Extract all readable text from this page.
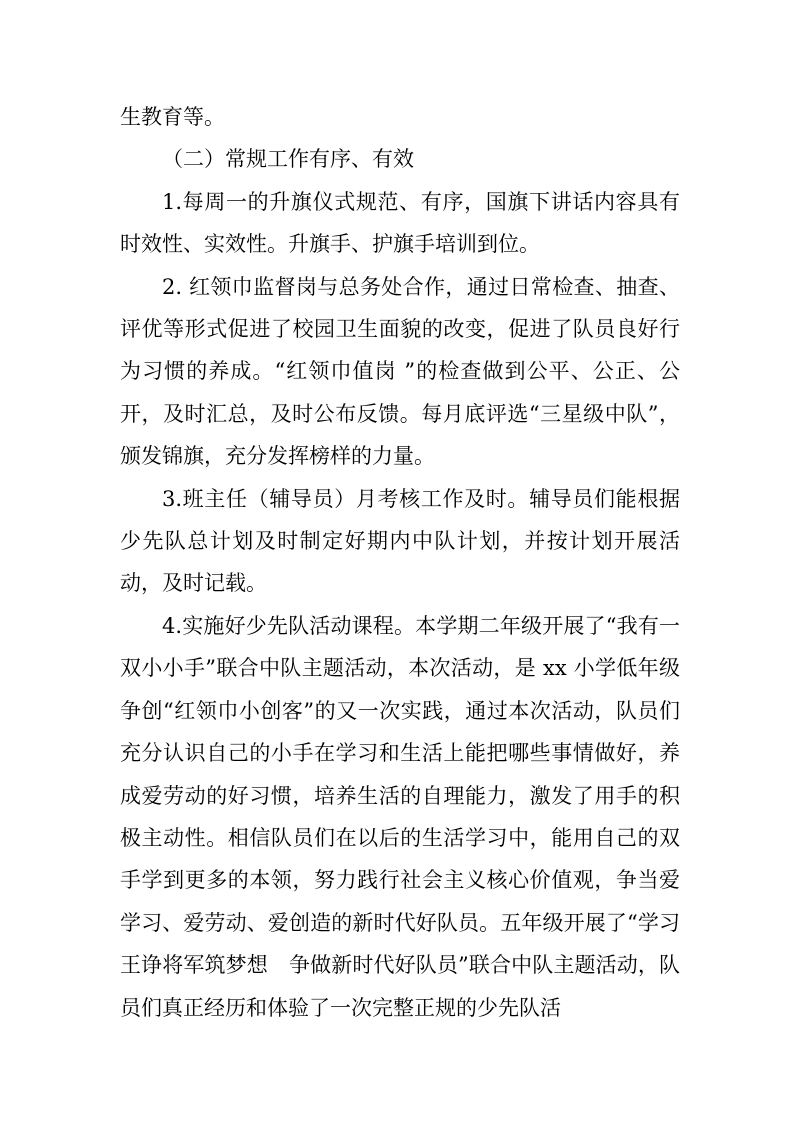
生教育等。

（二）常规工作有序、有效

1.每周一的升旗仪式规范、有序，国旗下讲话内容具有时效性、实效性。升旗手、护旗手培训到位。

2. 红领巾监督岗与总务处合作，通过日常检查、抽查、评优等形式促进了校园卫生面貌的改变，促进了队员良好行为习惯的养成。“红领巾值岗 ”的检查做到公平、公正、公开，及时汇总，及时公布反馈。每月底评选“三星级中队”，颁发锦旗，充分发挥榜样的力量。

3.班主任（辅导员）月考核工作及时。辅导员们能根据少先队总计划及时制定好期内中队计划，并按计划开展活动，及时记载。

4.实施好少先队活动课程。本学期二年级开展了“我有一双小小手”联合中队主题活动，本次活动，是 xx 小学低年级争创“红领巾小创客”的又一次实践，通过本次活动，队员们充分认识自己的小手在学习和生活上能把哪些事情做好，养成爱劳动的好习惯，培养生活的自理能力，激发了用手的积极主动性。相信队员们在以后的生活学习中，能用自己的双手学到更多的本领，努力践行社会主义核心价值观，争当爱学习、爱劳动、爱创造的新时代好队员。五年级开展了“学习王诤将军筑梦想　争做新时代好队员”联合中队主题活动，队员们真正经历和体验了一次完整正规的少先队活
